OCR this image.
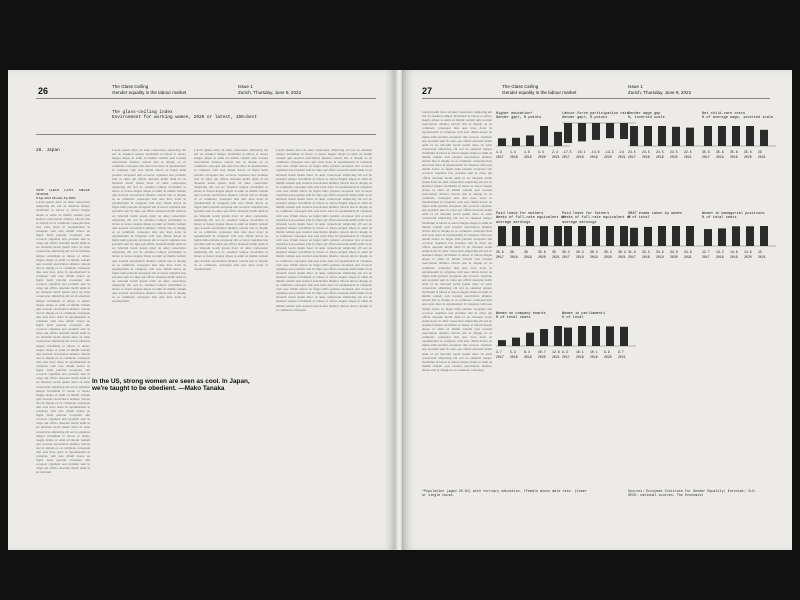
26	The Glass Ceiling
Gender equality in the labour market
Issue 1
Zurich, Thursday, June 9, 2022
The glass-ceiling index
Environment for working women, 2020 or latest, 100=best
28. Japan
WHY JAPAN CAN'T SHAKE SEXISM
8 Apr 2021 Morello Fu, BBC
Lorem ipsum dolor sit amet consectetur adipiscing elit sed do eiusmod tempor incididunt ut labore et dolore magna aliqua ut enim ad minim veniam quis nostrud exercitation ullamco laboris nisi ut aliquip ex ea commodo consequat duis aute irure dolor in reprehenderit in voluptate velit esse cillum dolore eu fugiat nulla pariatur excepteur sint occaecat cupidatat non proident sunt in culpa qui officia deserunt mollit anim id est laborum lorem ipsum dolor sit amet consectetur adipiscing elit sed do eiusmod tempor incididunt ut labore et dolore magna aliqua ut enim ad minim veniam quis nostrud exercitation ullamco laboris nisi ut aliquip ex ea commodo consequat duis aute irure dolor in reprehenderit in voluptate velit esse cillum dolore eu fugiat nulla pariatur excepteur sint occaecat cupidatat non proident sunt in culpa qui officia deserunt mollit anim id est laborum lorem ipsum dolor sit amet consectetur adipiscing elit sed do eiusmod tempor incididunt ut labore et dolore magna aliqua ut enim ad minim veniam quis nostrud exercitation ullamco laboris nisi ut aliquip ex ea commodo consequat duis aute irure dolor in reprehenderit in voluptate velit esse cillum dolore eu fugiat nulla pariatur excepteur sint occaecat cupidatat non proident sunt in culpa qui officia deserunt mollit anim id est laborum lorem ipsum dolor sit amet consectetur adipiscing elit sed do eiusmod tempor incididunt ut labore et dolore magna aliqua ut enim ad minim veniam quis nostrud exercitation ullamco laboris nisi ut aliquip ex ea commodo consequat duis aute irure dolor in reprehenderit in voluptate velit esse cillum dolore eu fugiat nulla pariatur excepteur sint occaecat cupidatat non proident sunt in culpa qui officia deserunt mollit anim id est laborum lorem ipsum dolor sit amet consectetur adipiscing elit sed do eiusmod tempor incididunt ut labore et dolore magna aliqua ut enim ad minim veniam quis nostrud exercitation ullamco laboris nisi ut aliquip ex ea commodo consequat duis aute irure dolor in reprehenderit in voluptate velit esse cillum dolore eu fugiat nulla pariatur excepteur sint occaecat cupidatat non proident sunt in culpa qui officia deserunt mollit anim id est laborum lorem ipsum dolor sit amet consectetur adipiscing elit sed do eiusmod tempor incididunt ut labore et dolore magna aliqua ut enim ad minim veniam quis nostrud exercitation ullamco laboris nisi ut aliquip ex ea commodo consequat duis aute irure dolor in reprehenderit in voluptate velit esse cillum dolore eu fugiat nulla pariatur excepteur sint occaecat cupidatat non proident sunt in culpa qui officia deserunt mollit anim id est laborum.
Lorem ipsum dolor sit amet consectetur adipiscing elit sed do eiusmod tempor incididunt ut labore et dolore magna aliqua ut enim ad minim veniam quis nostrud exercitation ullamco laboris nisi ut aliquip ex ea commodo consequat duis aute irure dolor in reprehenderit in voluptate velit esse cillum dolore eu fugiat nulla pariatur excepteur sint occaecat cupidatat non proident sunt in culpa qui officia deserunt mollit anim id est laborum lorem ipsum dolor sit amet consectetur adipiscing elit sed do eiusmod tempor incididunt ut labore et dolore magna aliqua ut enim ad minim veniam quis nostrud exercitation ullamco laboris nisi ut aliquip ex ea commodo consequat duis aute irure dolor in reprehenderit in voluptate velit esse cillum dolore eu fugiat nulla pariatur excepteur sint occaecat cupidatat non proident sunt in culpa qui officia deserunt mollit anim id est laborum lorem ipsum dolor sit amet consectetur adipiscing elit sed do eiusmod tempor incididunt ut labore et dolore magna aliqua ut enim ad minim veniam quis nostrud exercitation ullamco laboris nisi ut aliquip ex ea commodo consequat duis aute irure dolor in reprehenderit in voluptate velit esse cillum dolore eu fugiat nulla pariatur excepteur sint occaecat cupidatat non proident sunt in culpa qui officia deserunt mollit anim id est laborum lorem ipsum dolor sit amet consectetur adipiscing elit sed do eiusmod tempor incididunt ut labore et dolore magna aliqua ut enim ad minim veniam quis nostrud exercitation ullamco laboris nisi ut aliquip ex ea commodo consequat duis aute irure dolor in reprehenderit in voluptate velit esse cillum dolore eu fugiat nulla pariatur excepteur sint occaecat cupidatat non proident sunt in culpa qui officia deserunt mollit anim id est laborum lorem ipsum dolor sit amet consectetur adipiscing elit sed do eiusmod tempor incididunt ut labore et dolore magna aliqua ut enim ad minim veniam quis nostrud exercitation ullamco laboris nisi ut aliquip ex ea commodo consequat duis aute irure dolor in reprehenderit.
Lorem ipsum dolor sit amet consectetur adipiscing elit sed do eiusmod tempor incididunt ut labore et dolore magna aliqua ut enim ad minim veniam quis nostrud exercitation ullamco laboris nisi ut aliquip ex ea commodo consequat duis aute irure dolor in reprehenderit in voluptate velit esse cillum dolore eu fugiat nulla pariatur excepteur sint occaecat cupidatat non proident sunt in culpa qui officia deserunt mollit anim id est laborum lorem ipsum dolor sit amet consectetur adipiscing elit sed do eiusmod tempor incididunt ut labore et dolore magna aliqua ut enim ad minim veniam quis nostrud exercitation ullamco laboris nisi ut aliquip ex ea commodo consequat duis aute irure dolor in reprehenderit in voluptate velit esse cillum dolore eu fugiat nulla pariatur excepteur sint occaecat cupidatat non proident sunt in culpa qui officia deserunt mollit anim id est laborum lorem ipsum dolor sit amet consectetur adipiscing elit sed do eiusmod tempor incididunt ut labore et dolore magna aliqua ut enim ad minim veniam quis nostrud exercitation ullamco laboris nisi ut aliquip ex ea commodo consequat duis aute irure dolor in reprehenderit in voluptate velit esse cillum dolore eu fugiat nulla pariatur excepteur sint occaecat cupidatat non proident sunt in culpa qui officia deserunt mollit anim id est laborum lorem ipsum dolor sit amet consectetur adipiscing elit sed do eiusmod tempor incididunt ut labore et dolore magna aliqua ut enim ad minim veniam quis nostrud exercitation ullamco laboris nisi ut aliquip ex ea commodo consequat duis aute irure dolor in reprehenderit.
Lorem ipsum dolor sit amet consectetur adipiscing elit sed do eiusmod tempor incididunt ut labore et dolore magna aliqua ut enim ad minim veniam quis nostrud exercitation ullamco laboris nisi ut aliquip ex ea commodo consequat duis aute irure dolor in reprehenderit in voluptate velit esse cillum dolore eu fugiat nulla pariatur excepteur sint occaecat cupidatat non proident sunt in culpa qui officia deserunt mollit anim id est laborum lorem ipsum dolor sit amet consectetur adipiscing elit sed do eiusmod tempor incididunt ut labore et dolore magna aliqua ut enim ad minim veniam quis nostrud exercitation ullamco laboris nisi ut aliquip ex ea commodo consequat duis aute irure dolor in reprehenderit in voluptate velit esse cillum dolore eu fugiat nulla pariatur excepteur sint occaecat cupidatat non proident sunt in culpa qui officia deserunt mollit anim id est laborum lorem ipsum dolor sit amet consectetur adipiscing elit sed do eiusmod tempor incididunt ut labore et dolore magna aliqua ut enim ad minim veniam quis nostrud exercitation ullamco laboris nisi ut aliquip ex ea commodo consequat duis aute irure dolor in reprehenderit in voluptate velit esse cillum dolore eu fugiat nulla pariatur excepteur sint occaecat cupidatat non proident sunt in culpa qui officia deserunt mollit anim id est laborum lorem ipsum dolor sit amet consectetur adipiscing elit sed do eiusmod tempor incididunt ut labore et dolore magna aliqua ut enim ad minim veniam quis nostrud exercitation ullamco laboris nisi ut aliquip ex ea commodo consequat duis aute irure dolor in reprehenderit in voluptate velit esse cillum dolore eu fugiat nulla pariatur excepteur sint occaecat cupidatat non proident sunt in culpa qui officia deserunt mollit anim id est laborum lorem ipsum dolor sit amet consectetur adipiscing elit sed do eiusmod tempor incididunt ut labore et dolore magna aliqua ut enim ad minim veniam quis nostrud exercitation ullamco laboris nisi ut aliquip ex ea commodo consequat duis aute irure dolor in reprehenderit in voluptate velit esse cillum dolore eu fugiat nulla pariatur excepteur sint occaecat cupidatat non proident sunt in culpa qui officia deserunt mollit anim id est laborum lorem ipsum dolor sit amet consectetur adipiscing elit sed do eiusmod tempor incididunt ut labore et dolore magna aliqua ut enim ad minim veniam quis nostrud exercitation ullamco laboris nisi ut aliquip ex ea commodo consequat duis aute irure dolor in reprehenderit in voluptate velit esse cillum dolore eu fugiat nulla pariatur excepteur sint occaecat cupidatat non proident sunt in culpa qui officia deserunt mollit anim id est laborum lorem ipsum dolor sit amet consectetur adipiscing elit sed do eiusmod tempor incididunt ut labore et dolore magna aliqua ut enim ad minim veniam quis nostrud exercitation ullamco laboris nisi ut aliquip ex ea commodo consequat.
In the US, strong women are seen as cool. In Japan, we're taught to be obedient. —Mako Tanaka
27	The Glass Ceiling
Gender equality in the labour market
Issue 1
Zurich, Thursday, June 9, 2022
Lorem ipsum dolor sit amet consectetur adipiscing elit sed do eiusmod tempor incididunt ut labore et dolore magna aliqua ut enim ad minim veniam quis nostrud exercitation ullamco laboris nisi ut aliquip ex ea commodo consequat duis aute irure dolor in reprehenderit in voluptate velit esse cillum dolore eu fugiat nulla pariatur excepteur sint occaecat cupidatat non proident sunt in culpa qui officia deserunt mollit anim id est laborum lorem ipsum dolor sit amet consectetur adipiscing elit sed do eiusmod tempor incididunt ut labore et dolore magna aliqua ut enim ad minim veniam quis nostrud exercitation ullamco laboris nisi ut aliquip ex ea commodo consequat duis aute irure dolor in reprehenderit in voluptate velit esse cillum dolore eu fugiat nulla pariatur excepteur sint occaecat cupidatat non proident sunt in culpa qui officia deserunt mollit anim id est laborum lorem ipsum dolor sit amet consectetur adipiscing elit sed do eiusmod tempor incididunt ut labore et dolore magna aliqua ut enim ad minim veniam quis nostrud exercitation ullamco laboris nisi ut aliquip ex ea commodo consequat duis aute irure dolor in reprehenderit in voluptate velit esse cillum dolore eu fugiat nulla pariatur excepteur sint occaecat cupidatat non proident sunt in culpa qui officia deserunt mollit anim id est laborum lorem ipsum dolor sit amet consectetur adipiscing elit sed do eiusmod tempor incididunt ut labore et dolore magna aliqua ut enim ad minim veniam quis nostrud exercitation ullamco laboris nisi ut aliquip ex ea commodo consequat duis aute irure dolor in reprehenderit in voluptate velit esse cillum dolore eu fugiat nulla pariatur excepteur sint occaecat cupidatat non proident sunt in culpa qui officia deserunt mollit anim id est laborum lorem ipsum dolor sit amet consectetur adipiscing elit sed do eiusmod tempor incididunt ut labore et dolore magna aliqua ut enim ad minim veniam quis nostrud exercitation ullamco laboris nisi ut aliquip ex ea commodo consequat duis aute irure dolor in reprehenderit in voluptate velit esse cillum dolore eu fugiat nulla pariatur excepteur sint occaecat cupidatat non proident sunt in culpa qui officia deserunt mollit anim id est laborum lorem ipsum dolor sit amet consectetur adipiscing elit sed do eiusmod tempor incididunt ut labore et dolore magna aliqua ut enim ad minim veniam quis nostrud exercitation ullamco laboris nisi ut aliquip ex ea commodo consequat duis aute irure dolor in reprehenderit in voluptate velit esse cillum dolore eu fugiat nulla pariatur excepteur sint occaecat cupidatat non proident sunt in culpa qui officia deserunt mollit anim id est laborum lorem ipsum dolor sit amet consectetur adipiscing elit sed do eiusmod tempor incididunt ut labore et dolore magna aliqua ut enim ad minim veniam quis nostrud exercitation ullamco laboris nisi ut aliquip ex ea commodo consequat duis aute irure dolor in reprehenderit in voluptate velit esse cillum dolore eu fugiat nulla pariatur excepteur sint occaecat cupidatat non proident sunt in culpa qui officia deserunt mollit anim id est laborum lorem ipsum dolor sit amet consectetur adipiscing elit sed do eiusmod tempor incididunt ut labore et dolore magna aliqua ut enim ad minim veniam quis nostrud exercitation ullamco laboris nisi ut aliquip ex ea commodo consequat.
Higher education*
Gender gap†, % points
1.3	1.4	1.8	3.4	2.4
2017 2018 2019 2020 2021
Labour-force participation rate
Gender gap†, % points
-17.5 -16.1 -14.8 -13.3 -14
2017 2018 2019 2020 2021
Gender wage gap
%, inverted scale
24.5 24.5 24.5 23.5 22.5
2017 2018 2019 2020 2021
Net child-care costs
% of average wage, inverted scale
35.8 35.8 35.8 35.8 29
2017 2018 2019 2020 2021
Paid leave for mothers
Weeks of full-rate equivalent of average earnings
35.8 36	36	35.8 36
2017 2018 2019 2020 2021
Paid leave for fathers
Weeks of full-rate equivalent of average earnings
30.4 30.4 30.4 30.4 30.4
2017 2018 2019 2020 2021
GMAT exams taken by women
% of total
31.8 33.3 34.9 34.9 34.9
2017 2018 2019 2020 2021
Women in managerial positions
% of total seats
12.7 13.2 14.8 14.8 15
2017 2018 2019 2020 2021
Women on company boards
% of total seats
3.7	5.3	8.4	10.7 12.6
2017 2018 2019 2020 2021
Women in parliament‡
% of total
9.3	10.1 10.1 9.9	9.7
2017 2018 2019 2020 2021
*Population (aged 25-64) with tertiary education. †Female minus male rate. ‡Lower or single house.
Sources: European Institute for Gender Equality; Eurostat; ILO; OECD; national sources; The Economist
